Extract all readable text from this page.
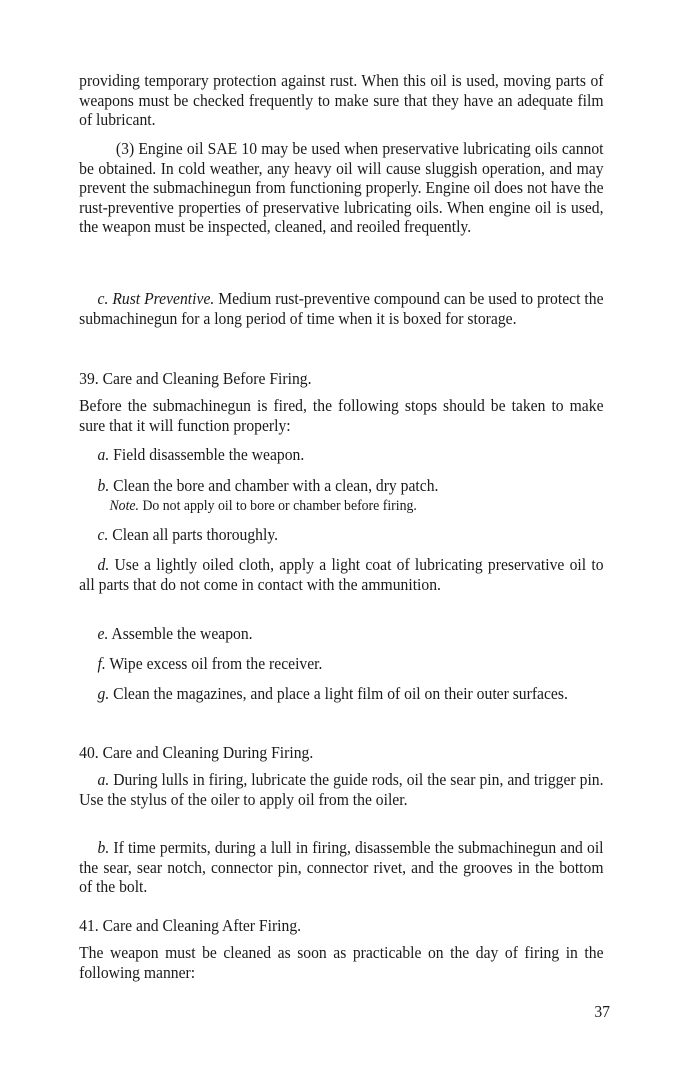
providing temporary protection against rust. When this oil is used, moving parts of weapons must be checked frequently to make sure that they have an adequate film of lubricant.

(3) Engine oil SAE 10 may be used when preservative lubricating oils cannot be obtained. In cold weather, any heavy oil will cause sluggish operation, and may prevent the submachinegun from functioning properly. Engine oil does not have the rust-preventive properties of preservative lubricating oils. When engine oil is used, the weapon must be inspected, cleaned, and reoiled frequently.

c. Rust Preventive. Medium rust-preventive compound can be used to protect the submachinegun for a long period of time when it is boxed for storage.

39. Care and Cleaning Before Firing.

Before the submachinegun is fired, the following stops should be taken to make sure that it will function properly:

a. Field disassemble the weapon.

b. Clean the bore and chamber with a clean, dry patch.

Note. Do not apply oil to bore or chamber before firing.

c. Clean all parts thoroughly.

d. Use a lightly oiled cloth, apply a light coat of lubricating preservative oil to all parts that do not come in contact with the ammunition.

e. Assemble the weapon.

f. Wipe excess oil from the receiver.

g. Clean the magazines, and place a light film of oil on their outer surfaces.

40. Care and Cleaning During Firing.

a. During lulls in firing, lubricate the guide rods, oil the sear pin, and trigger pin. Use the stylus of the oiler to apply oil from the oiler.

b. If time permits, during a lull in firing, disassemble the submachinegun and oil the sear, sear notch, connector pin, connector rivet, and the grooves in the bottom of the bolt.

41. Care and Cleaning After Firing.

The weapon must be cleaned as soon as practicable on the day of firing in the following manner:

37
